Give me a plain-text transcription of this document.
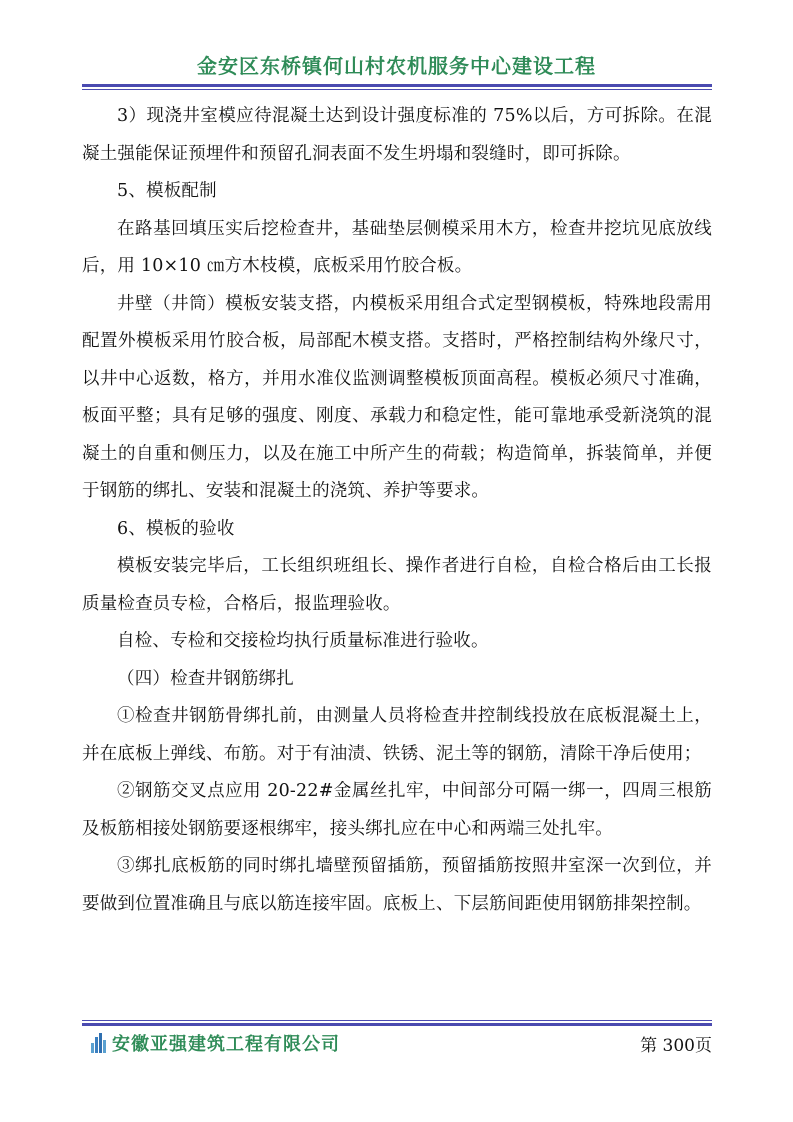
金安区东桥镇何山村农机服务中心建设工程

3）现浇井室模应待混凝土达到设计强度标准的 75%以后，方可拆除。在混凝土强能保证预埋件和预留孔洞表面不发生坍塌和裂缝时，即可拆除。

5、模板配制

在路基回填压实后挖检查井，基础垫层侧模采用木方，检查井挖坑见底放线后，用 10×10 ㎝方木枝模，底板采用竹胶合板。

井壁（井筒）模板安装支搭，内模板采用组合式定型钢模板，特殊地段需用配置外模板采用竹胶合板，局部配木模支搭。支搭时，严格控制结构外缘尺寸，以井中心返数，格方，并用水准仪监测调整模板顶面高程。模板必须尺寸准确，板面平整；具有足够的强度、刚度、承载力和稳定性，能可靠地承受新浇筑的混凝土的自重和侧压力，以及在施工中所产生的荷载；构造简单，拆装简单，并便于钢筋的绑扎、安装和混凝土的浇筑、养护等要求。

6、模板的验收

模板安装完毕后，工长组织班组长、操作者进行自检，自检合格后由工长报质量检查员专检，合格后，报监理验收。

自检、专检和交接检均执行质量标准进行验收。

（四）检查井钢筋绑扎

①检查井钢筋骨绑扎前，由测量人员将检查井控制线投放在底板混凝土上，并在底板上弹线、布筋。对于有油渍、铁锈、泥土等的钢筋，清除干净后使用；

②钢筋交叉点应用 20-22#金属丝扎牢，中间部分可隔一绑一，四周三根筋及板筋相接处钢筋要逐根绑牢，接头绑扎应在中心和两端三处扎牢。

③绑扎底板筋的同时绑扎墙壁预留插筋，预留插筋按照井室深一次到位，并要做到位置准确且与底以筋连接牢固。底板上、下层筋间距使用钢筋排架控制。

安徽亚强建筑工程有限公司	第 300页
